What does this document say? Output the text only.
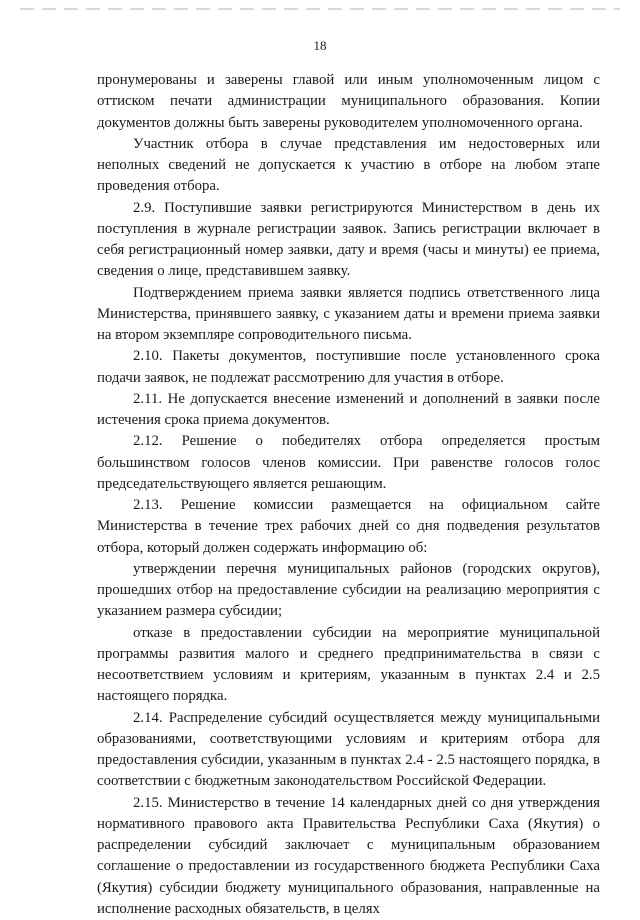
18

пронумерованы и заверены главой или иным уполномоченным лицом с оттиском печати администрации муниципального образования. Копии документов должны быть заверены руководителем уполномоченного органа.

Участник отбора в случае представления им недостоверных или неполных сведений не допускается к участию в отборе на любом этапе проведения отбора.

2.9. Поступившие заявки регистрируются Министерством в день их поступления в журнале регистрации заявок. Запись регистрации включает в себя регистрационный номер заявки, дату и время (часы и минуты) ее приема, сведения о лице, представившем заявку.

Подтверждением приема заявки является подпись ответственного лица Министерства, принявшего заявку, с указанием даты и времени приема заявки на втором экземпляре сопроводительного письма.

2.10. Пакеты документов, поступившие после установленного срока подачи заявок, не подлежат рассмотрению для участия в отборе.

2.11. Не допускается внесение изменений и дополнений в заявки после истечения срока приема документов.

2.12. Решение о победителях отбора определяется простым большинством голосов членов комиссии. При равенстве голосов голос председательствующего является решающим.

2.13. Решение комиссии размещается на официальном сайте Министерства в течение трех рабочих дней со дня подведения результатов отбора, который должен содержать информацию об:

утверждении перечня муниципальных районов (городских округов), прошедших отбор на предоставление субсидии на реализацию мероприятия с указанием размера субсидии;

отказе в предоставлении субсидии на мероприятие муниципальной программы развития малого и среднего предпринимательства в связи с несоответствием условиям и критериям, указанным в пунктах 2.4 и 2.5 настоящего порядка.

2.14. Распределение субсидий осуществляется между муниципальными образованиями, соответствующими условиям и критериям отбора для предоставления субсидии, указанным в пунктах 2.4 - 2.5 настоящего порядка, в соответствии с бюджетным законодательством Российской Федерации.

2.15. Министерство в течение 14 календарных дней со дня утверждения нормативного правового акта Правительства Республики Саха (Якутия) о распределении субсидий заключает с муниципальным образованием соглашение о предоставлении из государственного бюджета Республики Саха (Якутия) субсидии бюджету муниципального образования, направленные на исполнение расходных обязательств, в целях
